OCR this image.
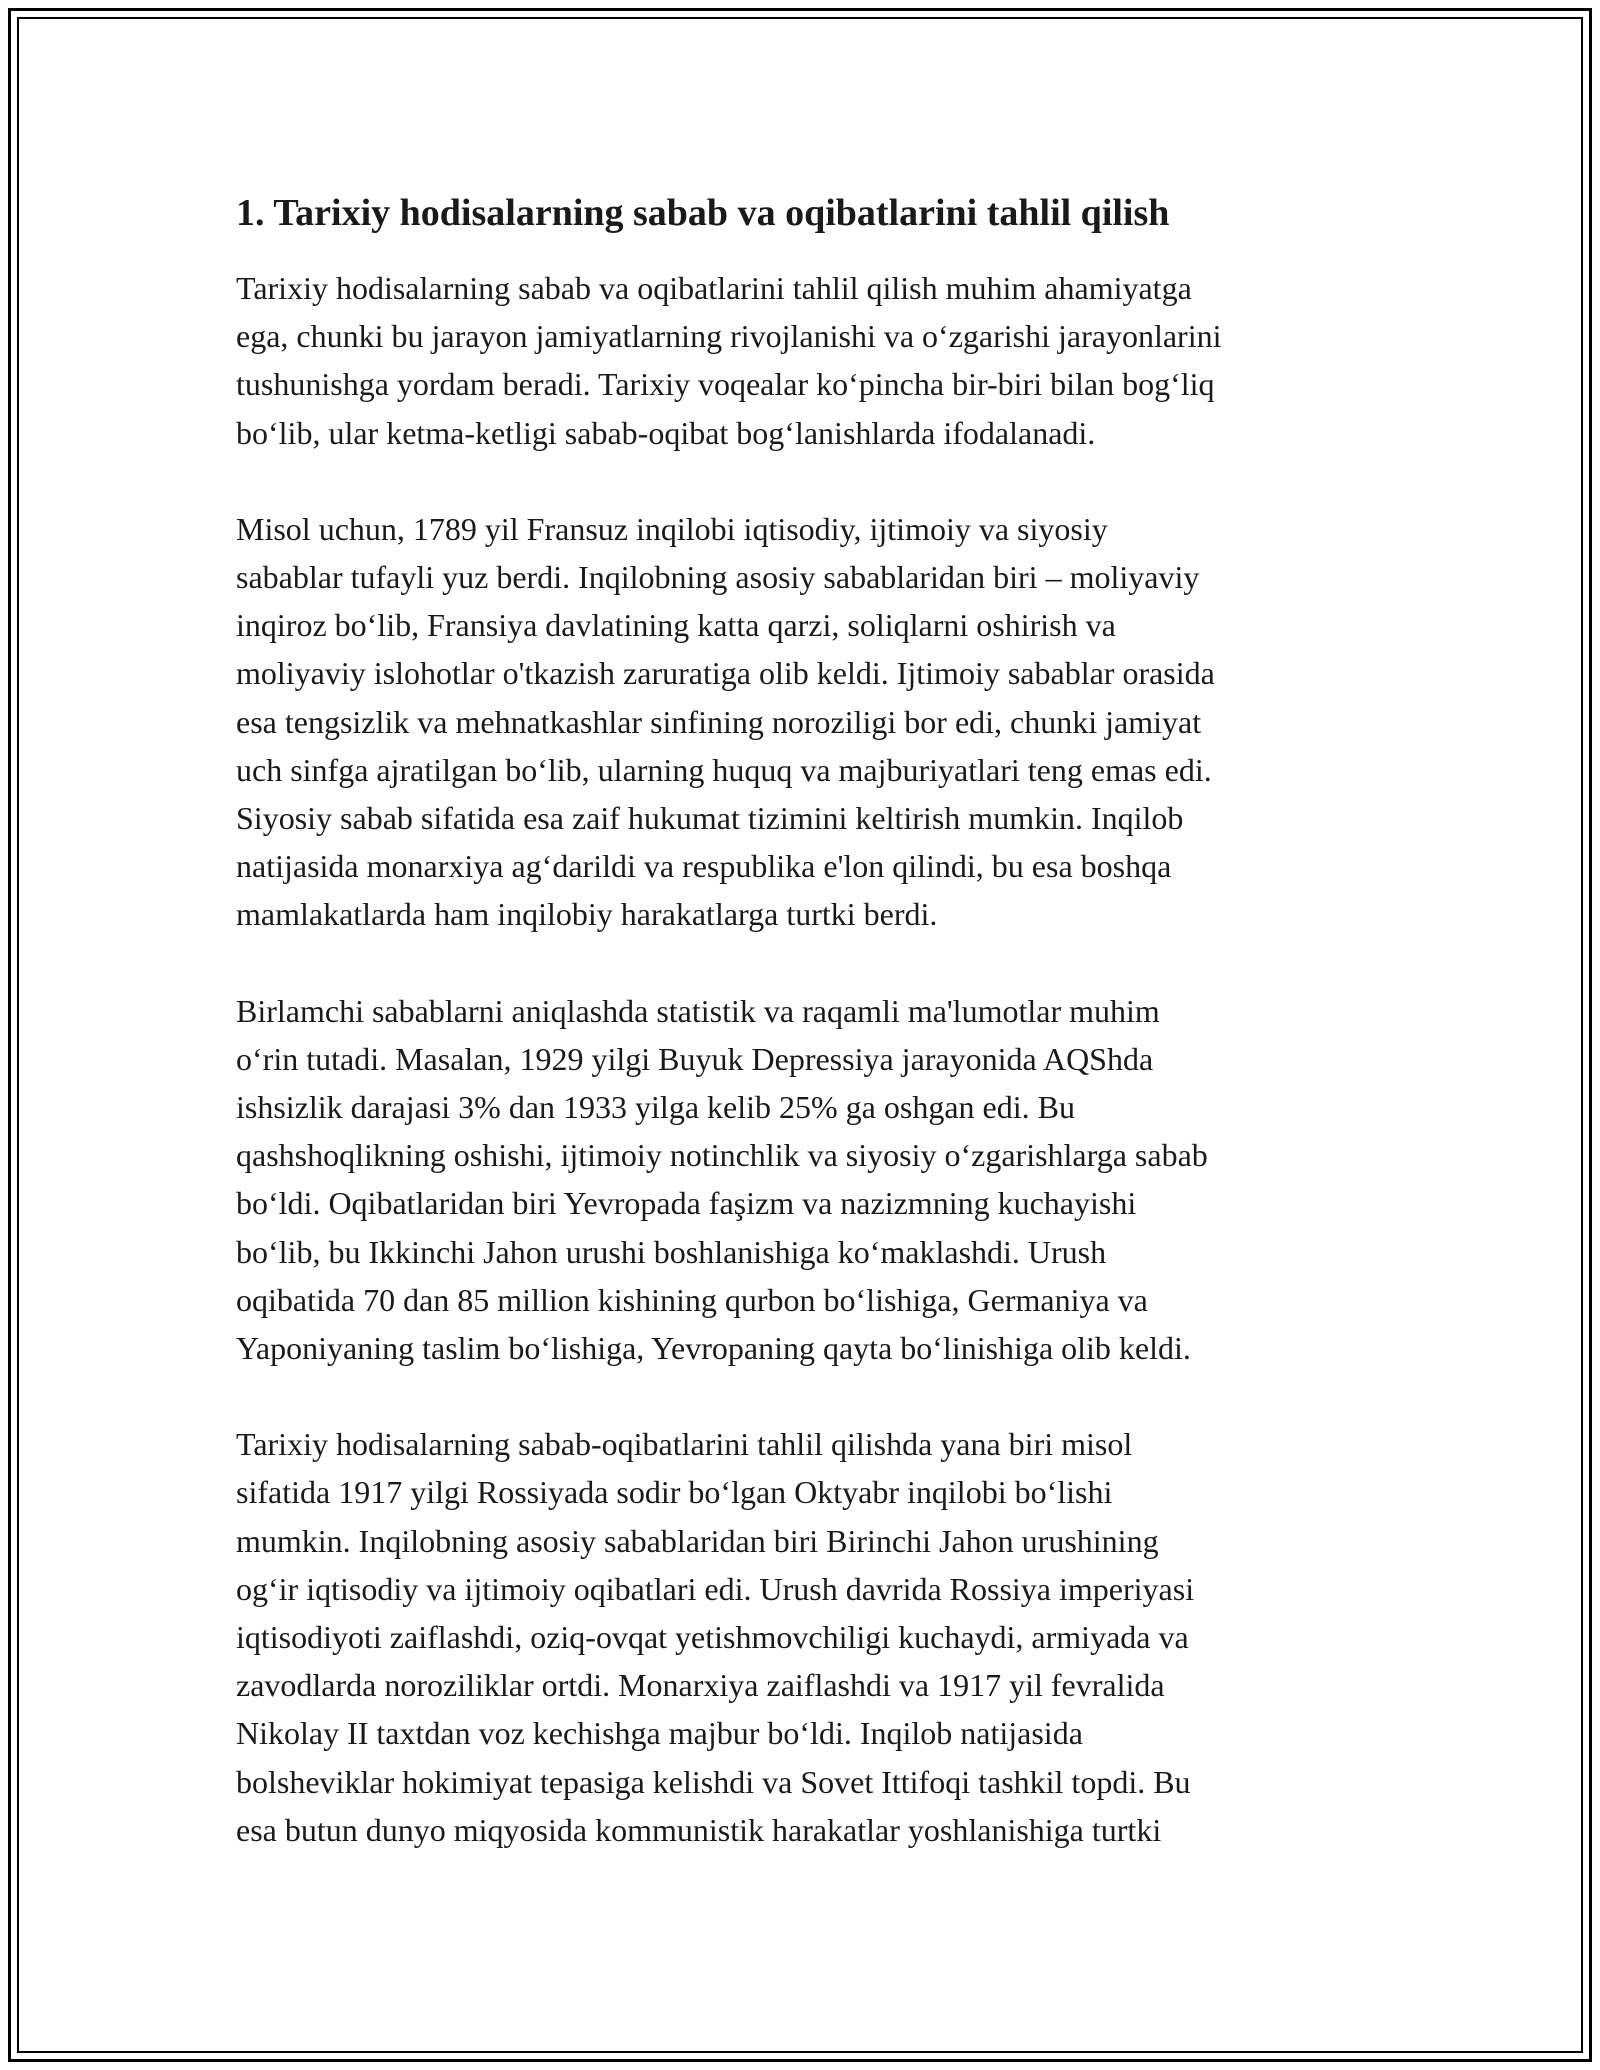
1. Tarixiy hodisalarning sabab va oqibatlarini tahlil qilish

Tarixiy hodisalarning sabab va oqibatlarini tahlil qilish muhim ahamiyatga
ega, chunki bu jarayon jamiyatlarning rivojlanishi va oʻzgarishi jarayonlarini
tushunishga yordam beradi. Tarixiy voqealar koʻpincha bir-biri bilan bogʻliq
boʻlib, ular ketma-ketligi sabab-oqibat bogʻlanishlarda ifodalanadi.

Misol uchun, 1789 yil Fransuz inqilobi iqtisodiy, ijtimoiy va siyosiy
sabablar tufayli yuz berdi. Inqilobning asosiy sabablaridan biri – moliyaviy
inqiroz boʻlib, Fransiya davlatining katta qarzi, soliqlarni oshirish va
moliyaviy islohotlar o'tkazish zaruratiga olib keldi. Ijtimoiy sabablar orasida
esa tengsizlik va mehnatkashlar sinfining noroziligi bor edi, chunki jamiyat
uch sinfga ajratilgan boʻlib, ularning huquq va majburiyatlari teng emas edi.
Siyosiy sabab sifatida esa zaif hukumat tizimini keltirish mumkin. Inqilob
natijasida monarxiya agʻdarildi va respublika e'lon qilindi, bu esa boshqa
mamlakatlarda ham inqilobiy harakatlarga turtki berdi.

Birlamchi sabablarni aniqlashda statistik va raqamli ma'lumotlar muhim
oʻrin tutadi. Masalan, 1929 yilgi Buyuk Depressiya jarayonida AQShda
ishsizlik darajasi 3% dan 1933 yilga kelib 25% ga oshgan edi. Bu
qashshoqlikning oshishi, ijtimoiy notinchlik va siyosiy oʻzgarishlarga sabab
boʻldi. Oqibatlaridan biri Yevropada faşizm va nazizmning kuchayishi
boʻlib, bu Ikkinchi Jahon urushi boshlanishiga koʻmaklashdi. Urush
oqibatida 70 dan 85 million kishining qurbon boʻlishiga, Germaniya va
Yaponiyaning taslim boʻlishiga, Yevropaning qayta boʻlinishiga olib keldi.

Tarixiy hodisalarning sabab-oqibatlarini tahlil qilishda yana biri misol
sifatida 1917 yilgi Rossiyada sodir boʻlgan Oktyabr inqilobi boʻlishi
mumkin. Inqilobning asosiy sabablaridan biri Birinchi Jahon urushining
ogʻir iqtisodiy va ijtimoiy oqibatlari edi. Urush davrida Rossiya imperiyasi
iqtisodiyoti zaiflashdi, oziq-ovqat yetishmovchiligi kuchaydi, armiyada va
zavodlarda noroziliklar ortdi. Monarxiya zaiflashdi va 1917 yil fevralida
Nikolay II taxtdan voz kechishga majbur boʻldi. Inqilob natijasida
bolsheviklar hokimiyat tepasiga kelishdi va Sovet Ittifoqi tashkil topdi. Bu
esa butun dunyo miqyosida kommunistik harakatlar yoshlanishiga turtki
